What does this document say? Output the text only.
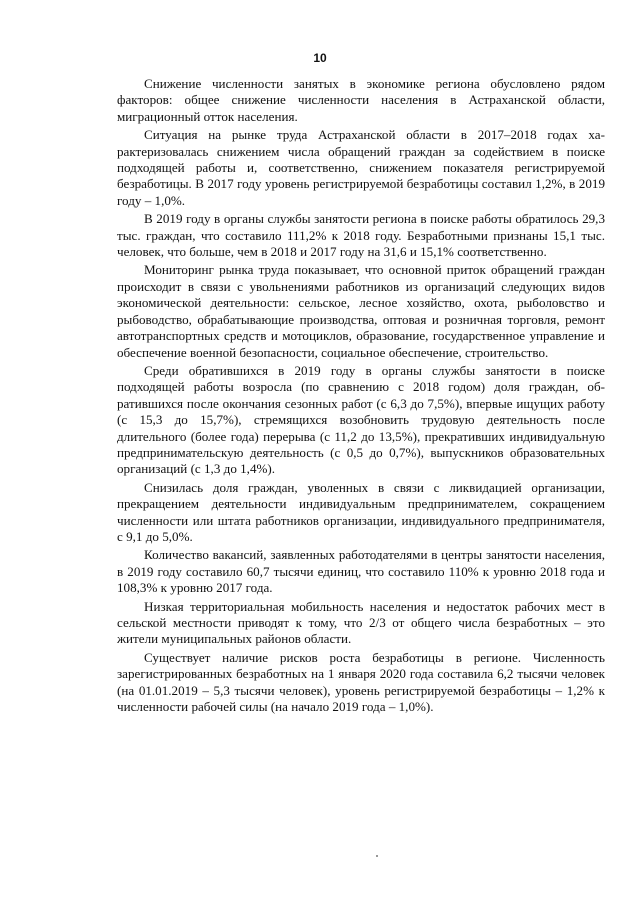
10

Снижение численности занятых в экономике региона обусловлено рядом факторов: общее снижение численности населения в Астраханской области, миграционный отток населения.

Ситуация на рынке труда Астраханской области в 2017–2018 годах характеризовалась снижением числа обращений граждан за содействием в поиске подходящей работы и, соответственно, снижением показателя регистрируемой безработицы. В 2017 году уровень регистрируемой безработицы составил 1,2%, в 2019 году – 1,0%.

В 2019 году в органы службы занятости региона в поиске работы обратилось 29,3 тыс. граждан, что составило 111,2% к 2018 году. Безработными признаны 15,1 тыс. человек, что больше, чем в 2018 и 2017 году на 31,6 и 15,1% соответственно.

Мониторинг рынка труда показывает, что основной приток обращений граждан происходит в связи с увольнениями работников из организаций следующих видов экономической деятельности: сельское, лесное хозяйство, охота, рыболовство и рыбоводство, обрабатывающие производства, оптовая и розничная торговля, ремонт автотранспортных средств и мотоциклов, образование, государственное управление и обеспечение военной безопасности, социальное обеспечение, строительство.

Среди обратившихся в 2019 году в органы службы занятости в поиске подходящей работы возросла (по сравнению с 2018 годом) доля граждан, обратившихся после окончания сезонных работ (с 6,3 до 7,5%), впервые ищущих работу (с 15,3 до 15,7%), стремящихся возобновить трудовую деятельность после длительного (более года) перерыва (с 11,2 до 13,5%), прекративших индивидуальную предпринимательскую деятельность (с 0,5 до 0,7%), выпускников образовательных организаций (с 1,3 до 1,4%).

Снизилась доля граждан, уволенных в связи с ликвидацией организации, прекращением деятельности индивидуальным предпринимателем, сокращением численности или штата работников организации, индивидуального предпринимателя, с 9,1 до 5,0%.

Количество вакансий, заявленных работодателями в центры занятости населения, в 2019 году составило 60,7 тысячи единиц, что составило 110% к уровню 2018 года и 108,3% к уровню 2017 года.

Низкая территориальная мобильность населения и недостаток рабочих мест в сельской местности приводят к тому, что 2/3 от общего числа безработных – это жители муниципальных районов области.

Существует наличие рисков роста безработицы в регионе. Численность зарегистрированных безработных на 1 января 2020 года составила 6,2 тысячи человек (на 01.01.2019 – 5,3 тысячи человек), уровень регистрируемой безработицы – 1,2% к численности рабочей силы (на начало 2019 года – 1,0%).
